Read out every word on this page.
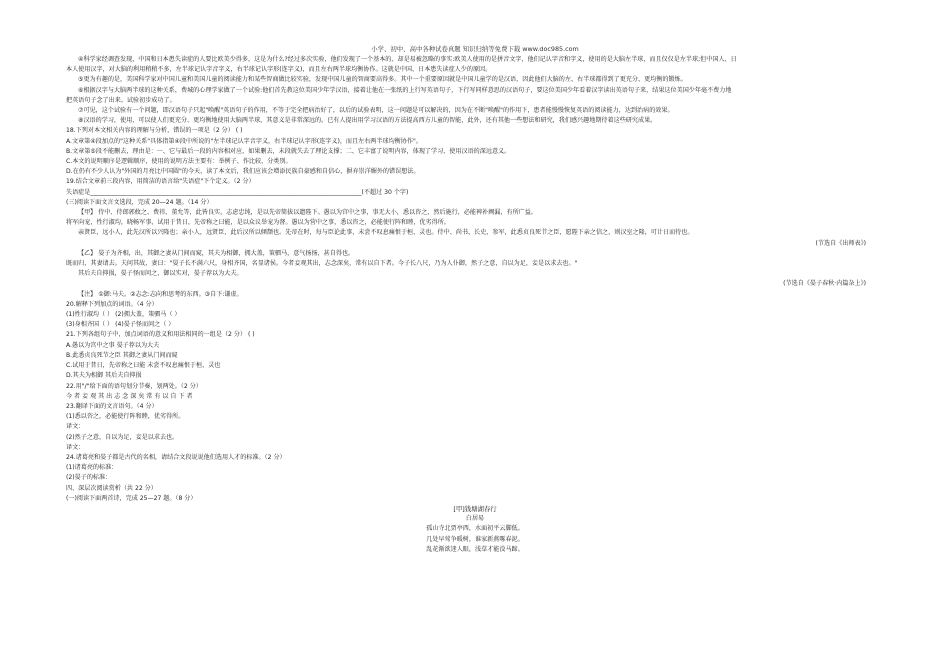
小学、初中、高中各种试卷真题 知识归纳等免费下载 www.doc985.com
④科学家经调查发现，中国和日本患失读症的人要比欧美少得多，这是为什么?经过多次实验，他们发现了一个基本的、却是易被忽略的事实:欧美人使用的是拼音文字，他们记认字音和字义，使用的是大脑左半球，而且仅仅是左半球;但中国人、日
本人使用汉字，对大脑的利用稍稍不多，左半球记认字音字义，右半球记认字形(连字义)，而且左右两半球均衡协作。这就是中国、日本患失读症人少的原因。
⑤更为有趣的是，美国科学家对中国儿童和美国儿童的阅读能力和某些智商做比较实验，发现中国儿童的智商要高得多。其中一个重要原因就是中国儿童学的是汉语，因此他们大脑的左、右半球都得到了更充分、更均衡的锻炼。
⑥根据汉字与大脑两半球的这种关系，费城的心理学家做了一个试验:他们首先教这位美国少年学汉语，接着让他在一张纸的上行写英语句子，下行写同样意思的汉语句子，要这位美国少年看着汉字读出英语句子来，结果这位美国少年毫不费力地
把英语句子念了出来。试验初步成功了。
⑦可见，这个试验有一个问题，即汉语句子只起"唤醒"英语句子的作用，不等于完全把病治好了，以后的试验表明，这一问题是可以解决的，因为在不断"唤醒"的作用下，患者能慢慢恢复英语的阅读能力，达到治病的效果。
⑧汉语的学习，使用，可以使人们更充分、更均衡地使用大脑两半球，其意义是非常深远的。已有人提出用学习汉语的方法提高西方儿童的智能，此外，还有其他一些想法和研究，我们感兴趣地期待着这些研究成果。
18.下列对本文相关内容的理解与分析，错误的一项是（2 分） ( )
A.文章第④段加点的"这种关系"具体指第④段中所说的"左半球记认字音字义，右半球记认字形(连字义)，而且左右两半球均衡协作"。
B.文章第⑤段不能删去，理由是：一、它与最后一段的内容相对应，如果删去，末段就失去了理论支撑；二、它丰富了说明内容，体现了学习、使用汉语的深远意义。
C.本文的说明顺序是逻辑顺序，使用的说明方法主要有：举例子、作比较、分类别。
D.在仍有不少人认为"外国的月亮比中国圆"的今天，读了本文后，我们应该会增添民族自豪感和自信心，摒弃崇洋媚外的错误想法。
19.结合文章前三段内容，用简洁的语言给"失语症"下个定义。（2 分）
失语症是_________________________________________________________________________________________(不超过 30 个字)
(三)阅读下面文言文选段，完成 20—24 题。（14 分）
【甲】 侍中、侍郎郭攸之、费祎、董允等，此皆良实，志虑忠纯，是以先帝简拔以遗陛下。愚以为宫中之事，事无大小，悉以咨之，然后施行，必能裨补阙漏，有所广益。
将军向宠，性行淑均，晓畅军事，试用于昔日，先帝称之曰能，是以众议举宠为督。愚以为营中之事，悉以咨之，必能使行阵和睦，优劣得所。
亲贤臣，远小人，此先汉所以兴隆也；亲小人，远贤臣，此后汉所以倾颓也。先帝在时，每与臣论此事，未尝不叹息痛恨于桓、灵也。侍中、尚书、长史、参军，此悉贞良死节之臣，愿陛下亲之信之，则汉室之隆，可计日而待也。
(节选自《出师表》)
【乙】 晏子为齐相，出，其御之妻从门间而窥，其夫为相御，拥大盖，策驷马，意气扬扬，甚自得也。
既而归，其妻请去。夫问其故，妻曰："晏子长不满六尺，身相齐国，名显诸侯。今者妾观其出，志念深矣，常有以自下者。今子长八尺，乃为人仆御，然子之意，自以为足，妾是以求去也。"
其后夫自抑损，晏子怪而问之，御以实对，晏子荐以为大夫。
(节选自《晏子春秋·内篇杂上》)
【注】 ①御:马夫。②志念:志向和思考的东西。③自下:谦虚。
20.解释下列加点的词语。（4 分）
(1)性行淑均（ ） (2)拥大盖，策驷马（ ）
(3)身相齐国（ ） (4)晏子怪而问之（ ）
21.下列各组句子中，加点词语的意义和用法相同的一组是（2 分） ( )
A.愚以为宫中之事 晏子荐以为大夫
B.此悉贞良死节之臣 其御之妻从门间而窥
C.试用于昔日，先帝称之曰能 未尝不叹息痛恨于桓、灵也
D.其夫为相御 其后夫自抑损
22.用"/"给下面的语句划分节奏，划两处。（2 分）
今 者 妾 观 其 出 志 念 深 矣 常 有 以 自 下 者
23.翻译下面的文言语句。（4 分）
(1)悉以咨之，必能使行阵和睦，优劣得所。
译文：
(2)然子之意，自以为足，妾是以求去也。
译文：
24.诸葛亮和晏子都是古代的名相，请结合文段说说他们选用人才的标准。（2 分）
(1)诸葛亮的标准：
(2)晏子的标准：
四、深层次阅读赏析（共 22 分）
(一)阅读下面两首诗，完成 25—27 题。（8 分）
[甲]钱塘湖春行
白居易
孤山寺北贾亭西，水面初平云脚低。
几处早莺争暖树，谁家新燕啄春泥。
乱花渐欲迷人眼，浅草才能没马蹄。
